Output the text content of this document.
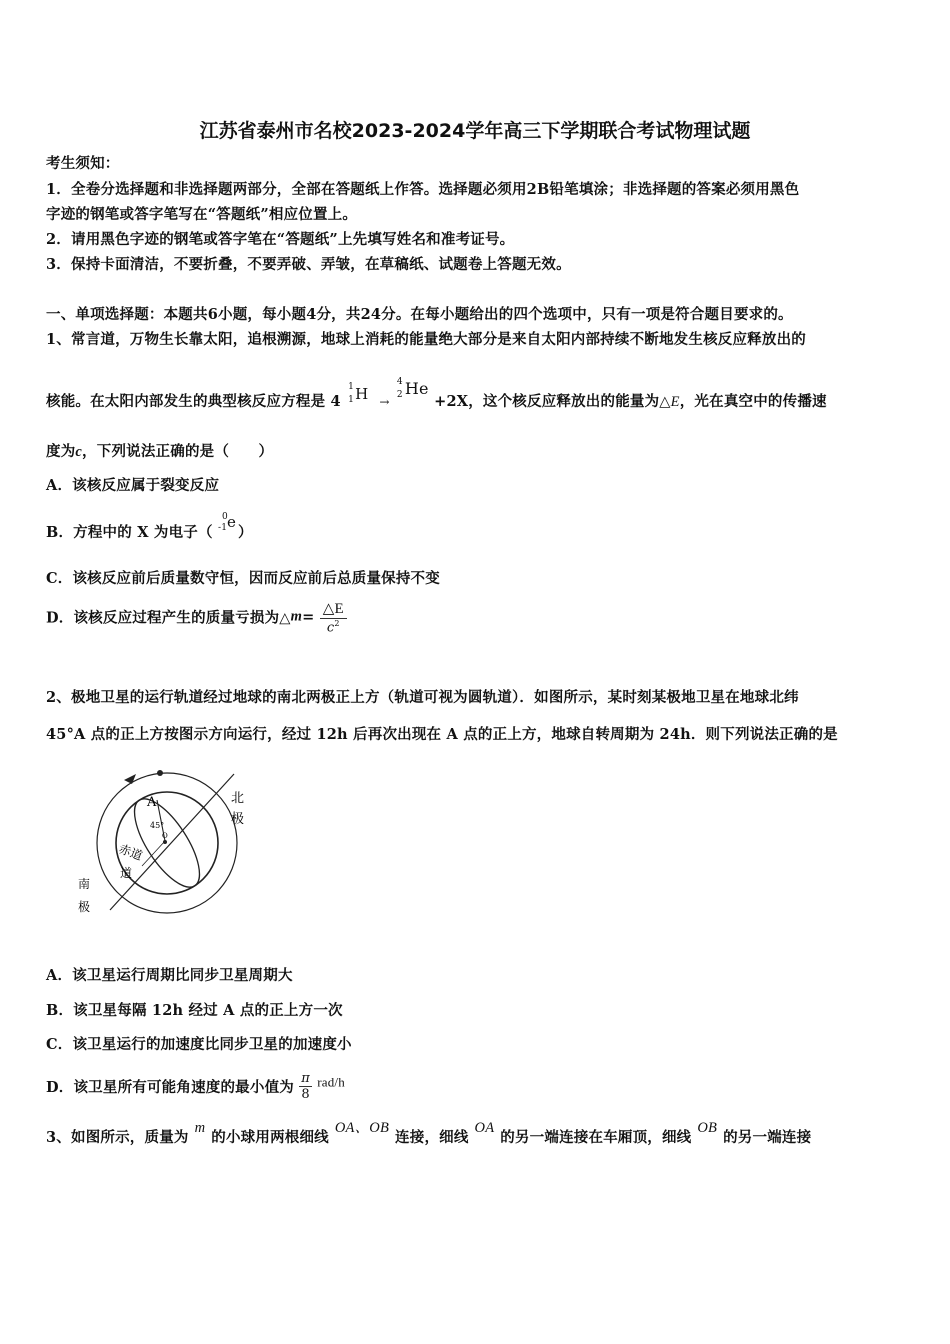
江苏省泰州市名校2023-2024学年高三下学期联合考试物理试题
考生须知：
1．全卷分选择题和非选择题两部分，全部在答题纸上作答。选择题必须用2B铅笔填涂；非选择题的答案必须用黑色
字迹的钢笔或答字笔写在“答题纸”相应位置上。
2．请用黑色字迹的钢笔或答字笔在“答题纸”上先填写姓名和准考证号。
3．保持卡面清洁，不要折叠，不要弄破、弄皱，在草稿纸、试题卷上答题无效。
一、单项选择题：本题共6小题，每小题4分，共24分。在每小题给出的四个选项中，只有一项是符合题目要求的。
1、常言道，万物生长靠太阳，追根溯源，地球上消耗的能量绝大部分是来自太阳内部持续不断地发生核反应释放出的
核能。在太阳内部发生的典型核反应方程是 4
1
1 H →
4
2 He
+2X，这个核反应释放出的能量为△E，光在真空中的传播速
度为c，下列说法正确的是（　　）
A．该核反应属于裂变反应
B．方程中的 X 为电子（
0
-1 e
）
C．该核反应前后质量数守恒，因而反应前后总质量保持不变
D．该核反应过程产生的质量亏损为△m= $\frac{\triangle E}{c^2}$
2、极地卫星的运行轨道经过地球的南北两极正上方（轨道可视为圆轨道）．如图所示，某时刻某极地卫星在地球北纬
45°A 点的正上方按图示方向运行，经过 12h 后再次出现在 A 点的正上方，地球自转周期为 24h．则下列说法正确的是
A
45°
O
北
极
赤道
道
南
极
A．该卫星运行周期比同步卫星周期大
B．该卫星每隔 12h 经过 A 点的正上方一次
C．该卫星运行的加速度比同步卫星的加速度小
D．该卫星所有可能角速度的最小值为 $\frac{\pi}{8} rad/h$
3、如图所示，质量为m的小球用两根细线OA、OB连接，细线OA的另一端连接在车厢顶，细线OB的另一端连接
